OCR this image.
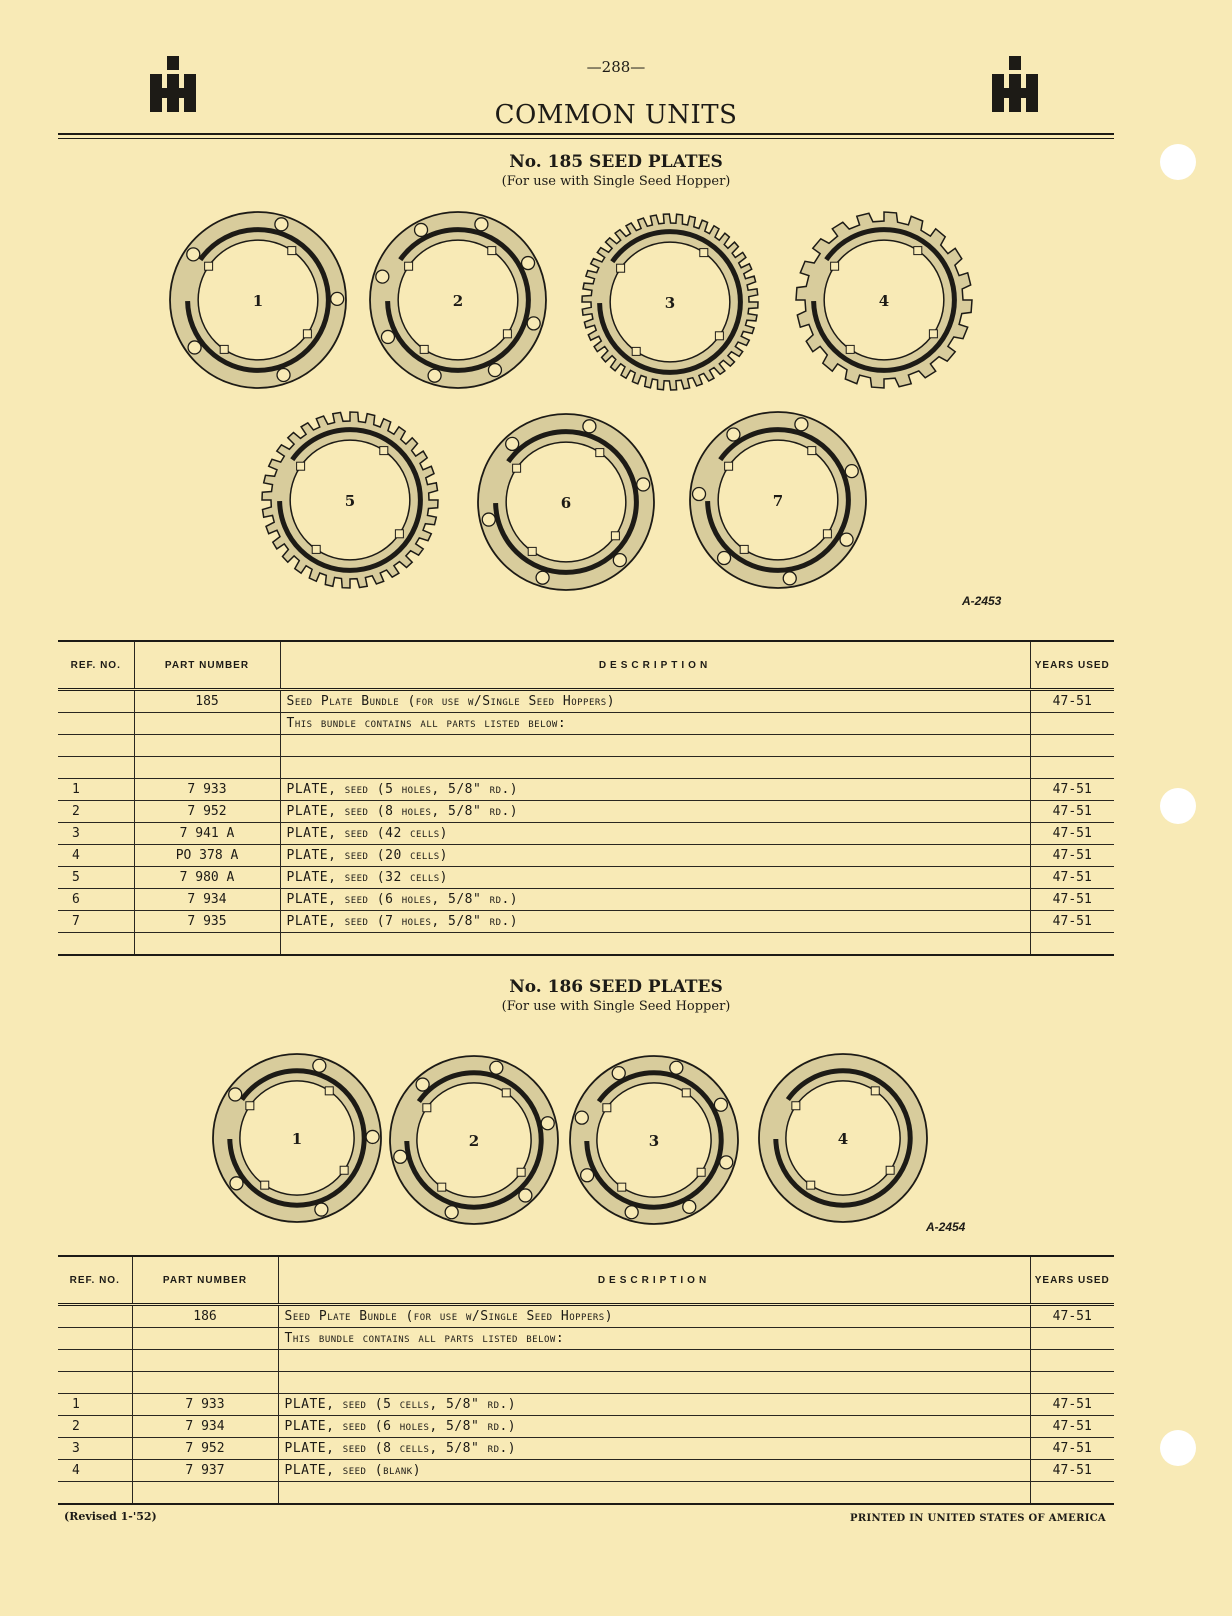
—288—
COMMON UNITS
No. 185 SEED PLATES
(For use with Single Seed Hopper)
1	2	3	4
5	6	7
A-2453
REF. NO.	PART NUMBER	DESCRIPTION	YEARS USED
	185	Seed Plate Bundle (for use w/Single Seed Hoppers)	47-51
		This bundle contains all parts listed below:	

1	7 933	PLATE, seed (5 holes, 5/8" rd.)	47-51
2	7 952	PLATE, seed (8 holes, 5/8" rd.)	47-51
3	7 941 A	PLATE, seed (42 cells)	47-51
4	PO 378 A	PLATE, seed (20 cells)	47-51
5	7 980 A	PLATE, seed (32 cells)	47-51
6	7 934	PLATE, seed (6 holes, 5/8" rd.)	47-51
7	7 935	PLATE, seed (7 holes, 5/8" rd.)	47-51

No. 186 SEED PLATES
(For use with Single Seed Hopper)
1	2	3	4
A-2454
REF. NO.	PART NUMBER	DESCRIPTION	YEARS USED
	186	Seed Plate Bundle (for use w/Single Seed Hoppers)	47-51
		This bundle contains all parts listed below:	

1	7 933	PLATE, seed (5 cells, 5/8" rd.)	47-51
2	7 934	PLATE, seed (6 holes, 5/8" rd.)	47-51
3	7 952	PLATE, seed (8 cells, 5/8" rd.)	47-51
4	7 937	PLATE, seed (blank)	47-51

(Revised 1-'52)	PRINTED IN UNITED STATES OF AMERICA
